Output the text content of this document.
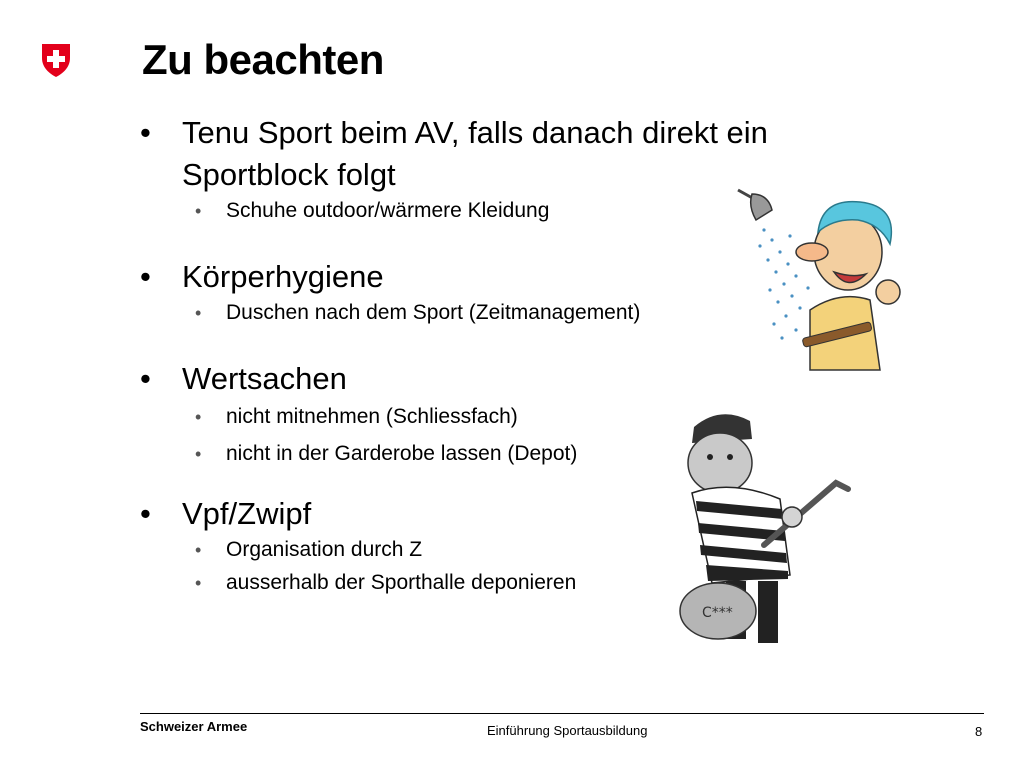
Zu beachten
• Tenu Sport beim AV, falls danach direkt ein Sportblock folgt
• Schuhe outdoor/wärmere Kleidung
• Körperhygiene
• Duschen nach dem Sport (Zeitmanagement)
• Wertsachen
• nicht mitnehmen (Schliessfach)
• nicht in der Garderobe lassen (Depot)
• Vpf/Zwipf
• Organisation durch Z
• ausserhalb der Sporthalle deponieren
C***
Schweizer Armee	Einführung Sportausbildung	8
